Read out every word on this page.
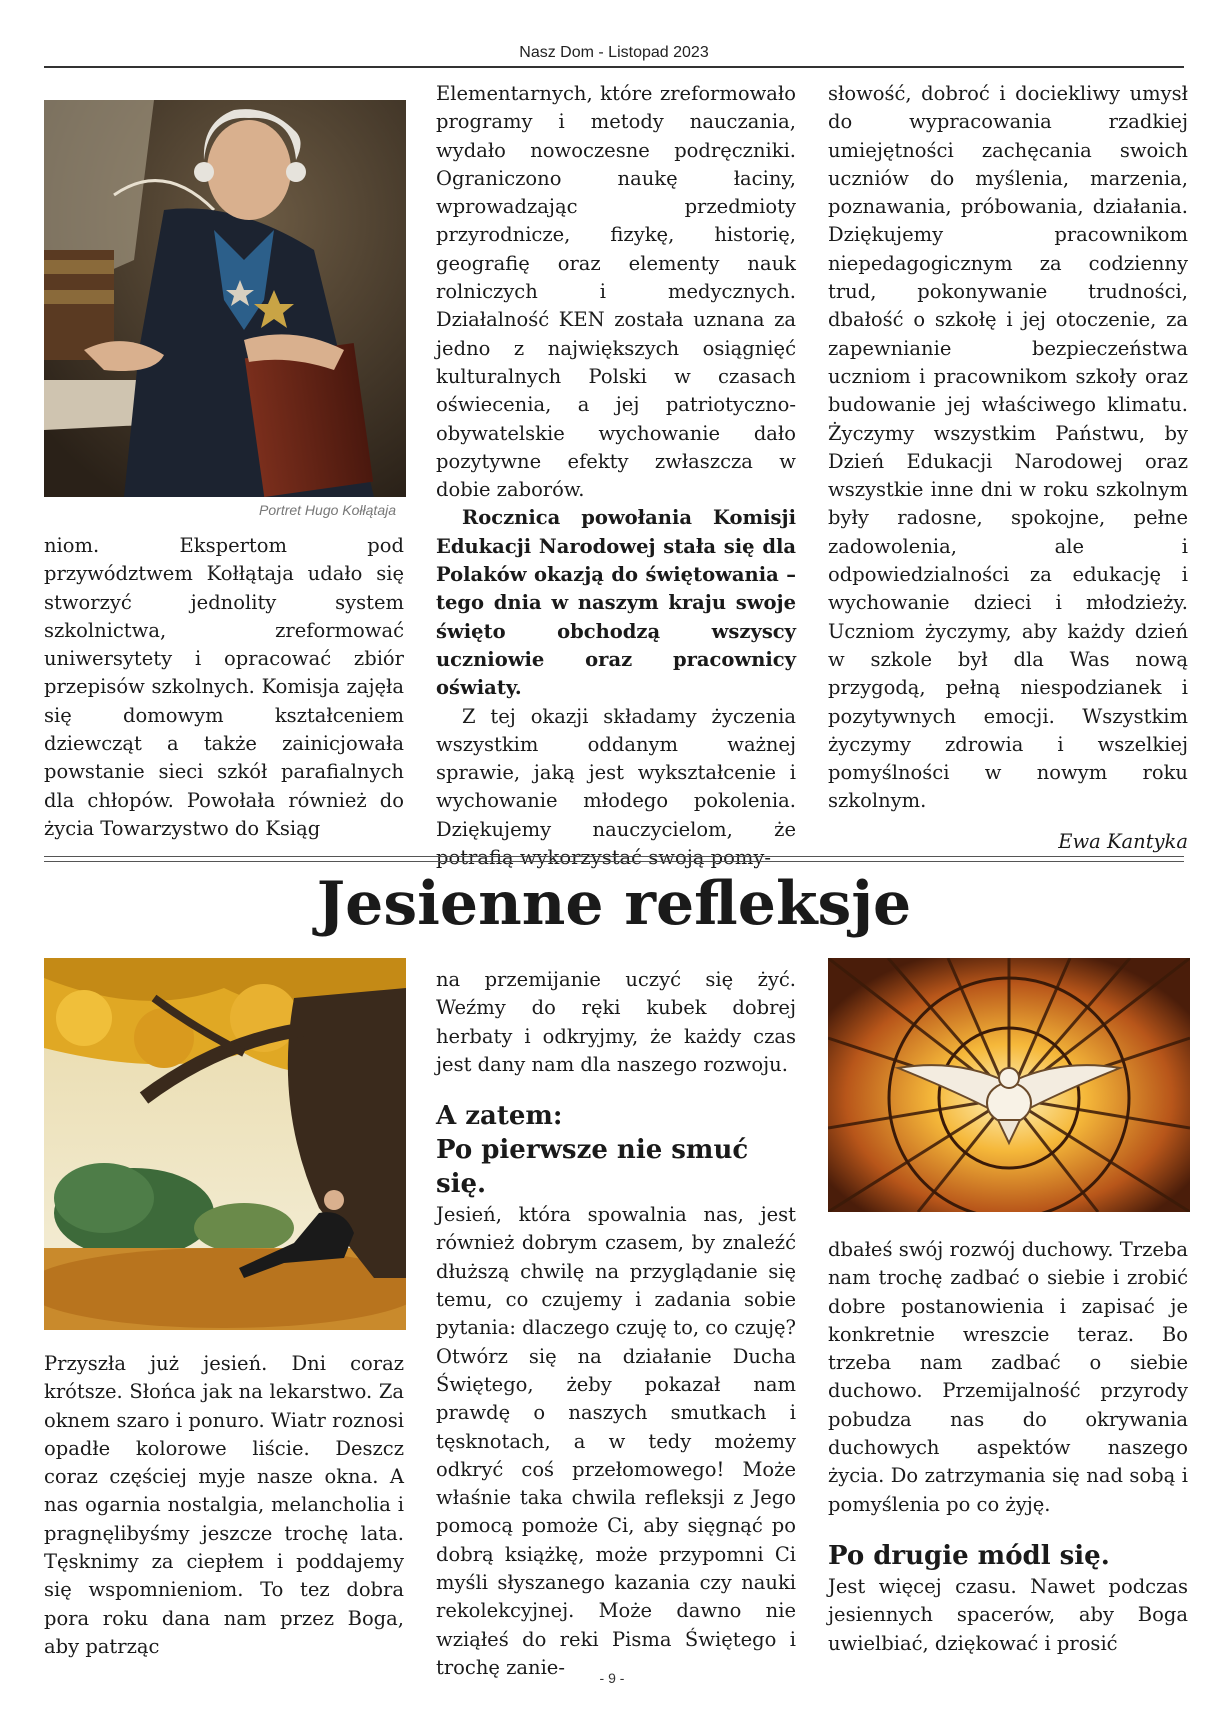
Nasz Dom - Listopad 2023
Portret Hugo Kołłątaja

niom. Ekspertom pod przywództwem Kołłątaja udało się stworzyć jednolity system szkolnictwa, zreformować uniwersytety i opracować zbiór przepisów szkolnych. Komisja zajęła się domowym kształceniem dziewcząt a także zainicjowała powstanie sieci szkół parafialnych dla chłopów. Powołała również do życia Towarzystwo do Ksiąg

Elementarnych, które zreformowało programy i metody nauczania, wydało nowoczesne podręczniki. Ograniczono naukę łaciny, wprowadzając przedmioty przyrodnicze, fizykę, historię, geografię oraz elementy nauk rolniczych i medycznych. Działalność KEN została uznana za jedno z największych osiągnięć kulturalnych Polski w czasach oświecenia, a jej patriotyczno-obywatelskie wychowanie dało pozytywne efekty zwłaszcza w dobie zaborów.

Rocznica powołania Komisji Edukacji Narodowej stała się dla Polaków okazją do świętowania – tego dnia w naszym kraju swoje święto obchodzą wszyscy uczniowie oraz pracownicy oświaty.

Z tej okazji składamy życzenia wszystkim oddanym ważnej sprawie, jaką jest wykształcenie i wychowanie młodego pokolenia. Dziękujemy nauczycielom, że potrafią wykorzystać swoją pomy-

słowość, dobroć i dociekliwy umysł do wypracowania rzadkiej umiejętności zachęcania swoich uczniów do myślenia, marzenia, poznawania, próbowania, działania. Dziękujemy pracownikom niepedagogicznym za codzienny trud, pokonywanie trudności, dbałość o szkołę i jej otoczenie, za zapewnianie bezpieczeństwa uczniom i pracownikom szkoły oraz budowanie jej właściwego klimatu. Życzymy wszystkim Państwu, by Dzień Edukacji Narodowej oraz wszystkie inne dni w roku szkolnym były radosne, spokojne, pełne zadowolenia, ale i odpowiedzialności za edukację i wychowanie dzieci i młodzieży. Uczniom życzymy, aby każdy dzień w szkole był dla Was nową przygodą, pełną niespodzianek i pozytywnych emocji. Wszystkim życzymy zdrowia i wszelkiej pomyślności w nowym roku szkolnym.

Ewa Kantyka

Jesienne refleksje

Przyszła już jesień. Dni coraz krótsze. Słońca jak na lekarstwo. Za oknem szaro i ponuro. Wiatr roznosi opadłe kolorowe liście. Deszcz coraz częściej myje nasze okna. A nas ogarnia nostalgia, melancholia i pragnęlibyśmy jeszcze trochę lata. Tęsknimy za ciepłem i poddajemy się wspomnieniom. To tez dobra pora roku dana nam przez Boga, aby patrząc

na przemijanie uczyć się żyć. Weźmy do ręki kubek dobrej herbaty i odkryjmy, że każdy czas jest dany nam dla naszego rozwoju.

A zatem:

Po pierwsze nie smuć się.

Jesień, która spowalnia nas, jest również dobrym czasem, by znaleźć dłuższą chwilę na przyglądanie się temu, co czujemy i zadania sobie pytania: dlaczego czuję to, co czuję? Otwórz się na działanie Ducha Świętego, żeby pokazał nam prawdę o naszych smutkach i tęsknotach, a w tedy możemy odkryć coś przełomowego! Może właśnie taka chwila refleksji z Jego pomocą pomoże Ci, aby sięgnąć po dobrą książkę, może przypomni Ci myśli słyszanego kazania czy nauki rekolekcyjnej. Może dawno nie wziąłeś do reki Pisma Świętego i trochę zanie-

dbałeś swój rozwój duchowy. Trzeba nam trochę zadbać o siebie i zrobić dobre postanowienia i zapisać je konkretnie wreszcie teraz. Bo trzeba nam zadbać o siebie duchowo. Przemijalność przyrody pobudza nas do okrywania duchowych aspektów naszego życia. Do zatrzymania się nad sobą i pomyślenia po co żyję.

Po drugie módl się.

Jest więcej czasu. Nawet podczas jesiennych spacerów, aby Boga uwielbiać, dziękować i prosić

- 9 -
